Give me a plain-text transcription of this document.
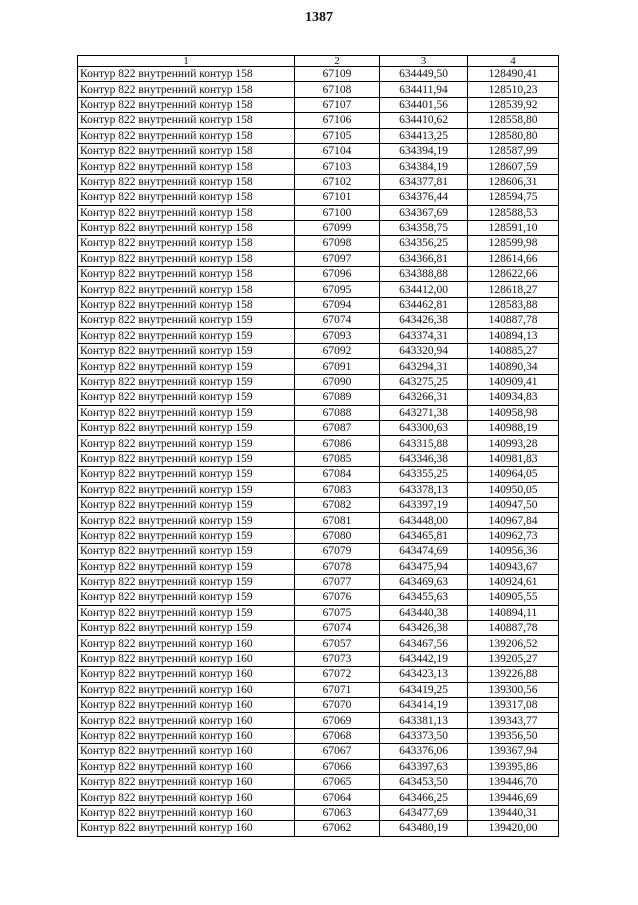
1387
1	2	3	4
Контур 822 внутренний контур 158	67109	634449,50	128490,41
Контур 822 внутренний контур 158	67108	634411,94	128510,23
Контур 822 внутренний контур 158	67107	634401,56	128539,92
Контур 822 внутренний контур 158	67106	634410,62	128558,80
Контур 822 внутренний контур 158	67105	634413,25	128580,80
Контур 822 внутренний контур 158	67104	634394,19	128587,99
Контур 822 внутренний контур 158	67103	634384,19	128607,59
Контур 822 внутренний контур 158	67102	634377,81	128606,31
Контур 822 внутренний контур 158	67101	634376,44	128594,75
Контур 822 внутренний контур 158	67100	634367,69	128588,53
Контур 822 внутренний контур 158	67099	634358,75	128591,10
Контур 822 внутренний контур 158	67098	634356,25	128599,98
Контур 822 внутренний контур 158	67097	634366,81	128614,66
Контур 822 внутренний контур 158	67096	634388,88	128622,66
Контур 822 внутренний контур 158	67095	634412,00	128618,27
Контур 822 внутренний контур 158	67094	634462,81	128583,88
Контур 822 внутренний контур 159	67074	643426,38	140887,78
Контур 822 внутренний контур 159	67093	643374,31	140894,13
Контур 822 внутренний контур 159	67092	643320,94	140885,27
Контур 822 внутренний контур 159	67091	643294,31	140890,34
Контур 822 внутренний контур 159	67090	643275,25	140909,41
Контур 822 внутренний контур 159	67089	643266,31	140934,83
Контур 822 внутренний контур 159	67088	643271,38	140958,98
Контур 822 внутренний контур 159	67087	643300,63	140988,19
Контур 822 внутренний контур 159	67086	643315,88	140993,28
Контур 822 внутренний контур 159	67085	643346,38	140981,83
Контур 822 внутренний контур 159	67084	643355,25	140964,05
Контур 822 внутренний контур 159	67083	643378,13	140950,05
Контур 822 внутренний контур 159	67082	643397,19	140947,50
Контур 822 внутренний контур 159	67081	643448,00	140967,84
Контур 822 внутренний контур 159	67080	643465,81	140962,73
Контур 822 внутренний контур 159	67079	643474,69	140956,36
Контур 822 внутренний контур 159	67078	643475,94	140943,67
Контур 822 внутренний контур 159	67077	643469,63	140924,61
Контур 822 внутренний контур 159	67076	643455,63	140905,55
Контур 822 внутренний контур 159	67075	643440,38	140894,11
Контур 822 внутренний контур 159	67074	643426,38	140887,78
Контур 822 внутренний контур 160	67057	643467,56	139206,52
Контур 822 внутренний контур 160	67073	643442,19	139205,27
Контур 822 внутренний контур 160	67072	643423,13	139226,88
Контур 822 внутренний контур 160	67071	643419,25	139300,56
Контур 822 внутренний контур 160	67070	643414,19	139317,08
Контур 822 внутренний контур 160	67069	643381,13	139343,77
Контур 822 внутренний контур 160	67068	643373,50	139356,50
Контур 822 внутренний контур 160	67067	643376,06	139367,94
Контур 822 внутренний контур 160	67066	643397,63	139395,86
Контур 822 внутренний контур 160	67065	643453,50	139446,70
Контур 822 внутренний контур 160	67064	643466,25	139446,69
Контур 822 внутренний контур 160	67063	643477,69	139440,31
Контур 822 внутренний контур 160	67062	643480,19	139420,00
